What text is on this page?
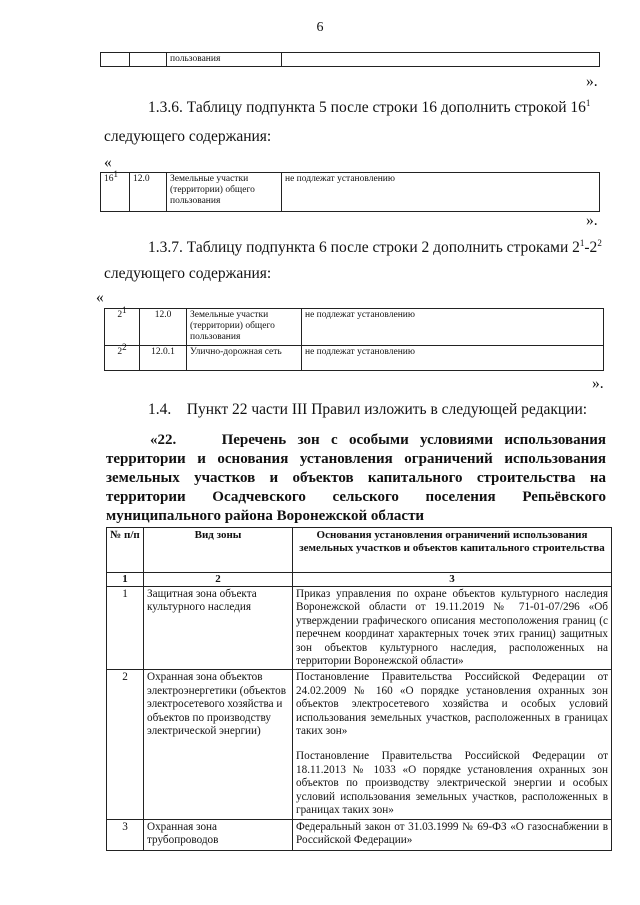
6
		пользования	
».
1.3.6. Таблицу подпункта 5 после строки 16 дополнить строкой $16^1$
следующего содержания:
«
161	12.0	Земельные участки (территории) общего пользования	не подлежат установлению
».
1.3.7. Таблицу подпункта 6 после строки 2 дополнить строками $2^1-2^2$
следующего содержания:
«
21	12.0	Земельные участки (территории) общего пользования	не подлежат установлению
22	12.0.1	Улично-дорожная сеть	не подлежат установлению
».
1.4.    Пункт 22 части III Правил изложить в следующей редакции:
«22.    Перечень зон с особыми условиями использования
территории и основания установления ограничений использования
земельных участков и объектов капитального строительства на
территории Осадчевского сельского поселения Репьёвского
муниципального района Воронежской области
№ п/п	Вид зоны	Основания установления ограничений использования земельных участков и объектов капитального строительства
1	2	3
1	Защитная зона объекта культурного наследия	Приказ управления по охране объектов культурного наследия Воронежской области от 19.11.2019 № 71-01-07/296 «Об утверждении графического описания местоположения границ (с перечнем координат характерных точек этих границ) защитных зон объектов культурного наследия, расположенных на территории Воронежской области»
2	Охранная зона объектов электроэнергетики (объектов электросетевого хозяйства и объектов по производству электрической энергии)	Постановление Правительства Российской Федерации от 24.02.2009 № 160 «О порядке установления охранных зон объектов электросетевого хозяйства и особых условий использования земельных участков, расположенных в границах таких зон»
Постановление Правительства Российской Федерации от 18.11.2013 № 1033 «О порядке установления охранных зон объектов по производству электрической энергии и особых условий использования земельных участков, расположенных в границах таких зон»

3	Охранная зона трубопроводов	Федеральный закон от 31.03.1999 № 69-ФЗ «О газоснабжении в Российской Федерации»
